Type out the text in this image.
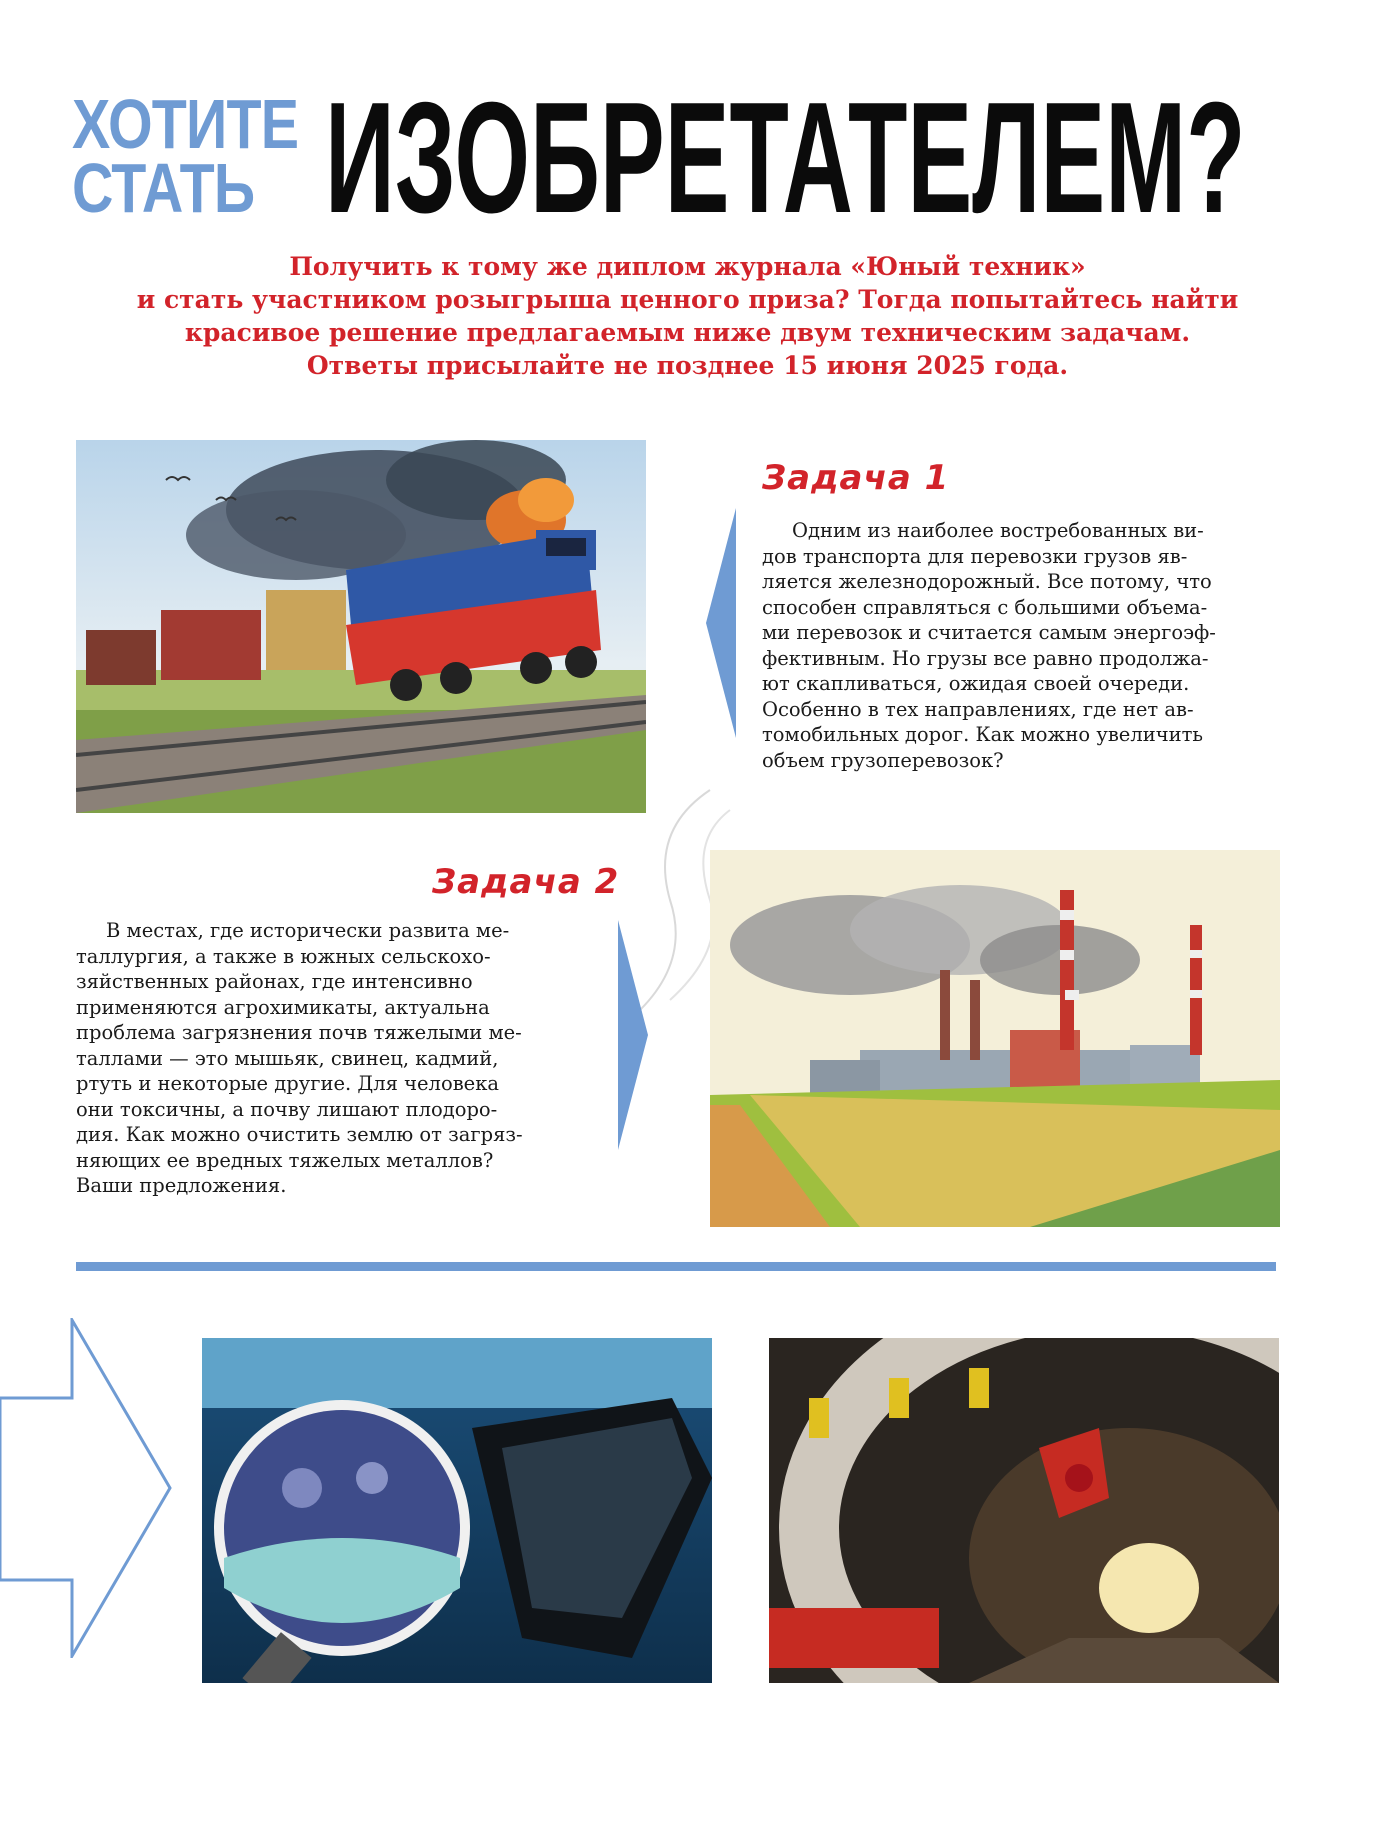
ХОТИТЕ
СТАТЬ ИЗОБРЕТАТЕЛЕМ?
Получить к тому же диплом журнала «Юный техник»
и стать участником розыгрыша ценного приза? Тогда попытайтесь найти
красивое решение предлагаемым ниже двум техническим задачам.
Ответы присылайте не позднее 15 июня 2025 года.
Задача 1
Одним из наиболее востребованных ви-
дов транспорта для перевозки грузов яв-
ляется железнодорожный. Все потому, что
способен справляться с большими объема-
ми перевозок и считается самым энергоэф-
фективным. Но грузы все равно продолжа-
ют скапливаться, ожидая своей очереди.
Особенно в тех направлениях, где нет ав-
томобильных дорог. Как можно увеличить
объем грузоперевозок?
Задача 2
В местах, где исторически развита ме-
таллургия, а также в южных сельскохо-
зяйственных районах, где интенсивно
применяются агрохимикаты, актуальна
проблема загрязнения почв тяжелыми ме-
таллами — это мышьяк, свинец, кадмий,
ртуть и некоторые другие. Для человека
они токсичны, а почву лишают плодоро-
дия. Как можно очистить землю от загряз-
няющих ее вредных тяжелых металлов?
Ваши предложения.
